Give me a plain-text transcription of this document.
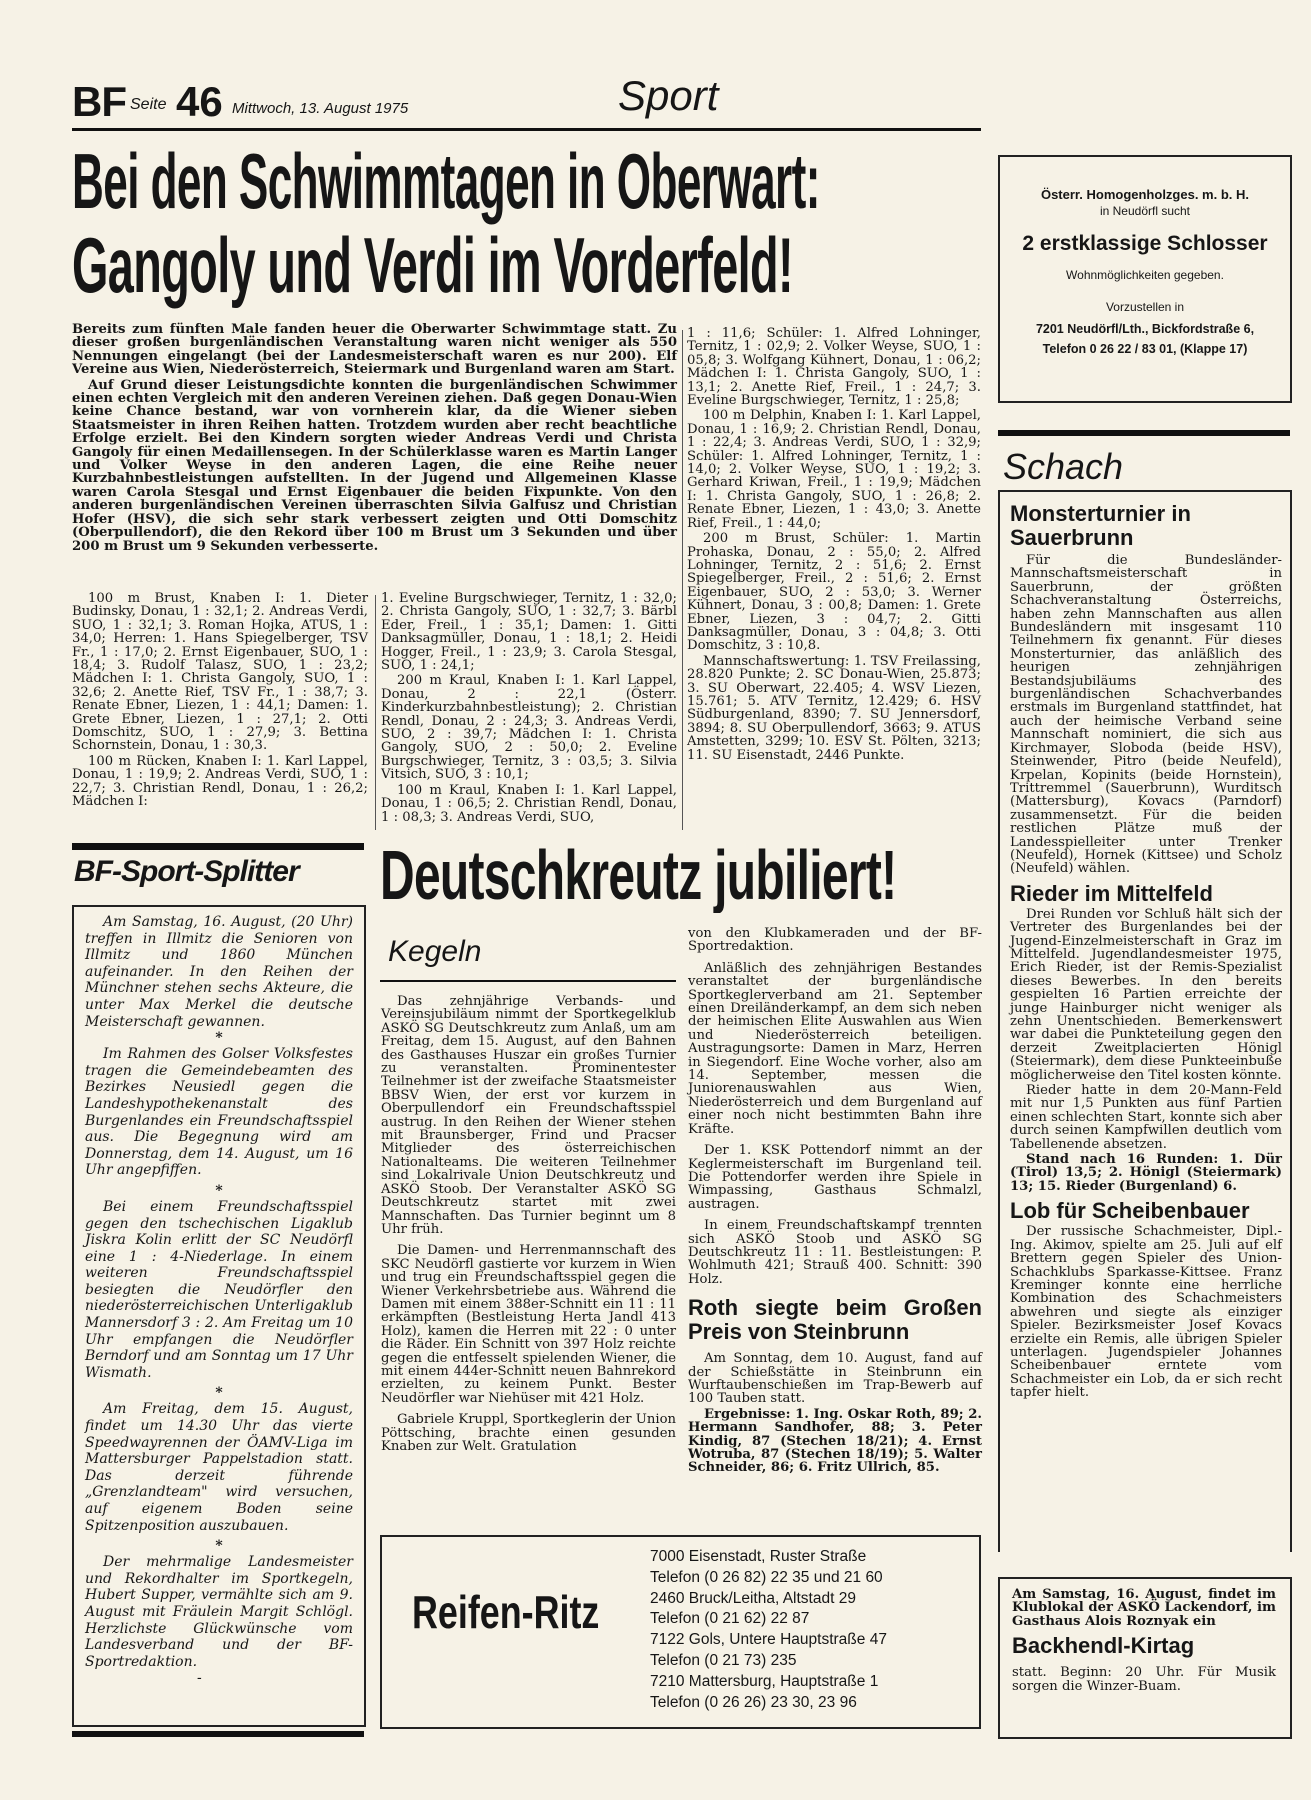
BF Seite 46 Mittwoch, 13. August 1975	Sport
Bei den Schwimmtagen in Oberwart:
Gangoly und Verdi im Vorderfeld!

Bereits zum fünften Male fanden heuer die Oberwarter Schwimmtage statt. Zu dieser großen burgenländischen Veranstaltung waren nicht weniger als 550 Nennungen eingelangt (bei der Landesmeisterschaft waren es nur 200). Elf Vereine aus Wien, Niederösterreich, Steiermark und Burgenland waren am Start.

Auf Grund dieser Leistungsdichte konnten die burgenländischen Schwimmer einen echten Vergleich mit den anderen Vereinen ziehen. Daß gegen Donau-Wien keine Chance bestand, war von vornherein klar, da die Wiener sieben Staatsmeister in ihren Reihen hatten. Trotzdem wurden aber recht beachtliche Erfolge erzielt. Bei den Kindern sorgten wieder Andreas Verdi und Christa Gangoly für einen Medaillensegen. In der Schülerklasse waren es Martin Langer und Volker Weyse in den anderen Lagen, die eine Reihe neuer Kurzbahnbestleistungen aufstellten. In der Jugend und Allgemeinen Klasse waren Carola Stesgal und Ernst Eigenbauer die beiden Fixpunkte. Von den anderen burgenländischen Vereinen überraschten Silvia Galfusz und Christian Hofer (HSV), die sich sehr stark verbessert zeigten und Otti Domschitz (Oberpullendorf), die den Rekord über 100 m Brust um 3 Sekunden und über 200 m Brust um 9 Sekunden verbesserte.

100 m Brust, Knaben I: 1. Dieter Budinsky, Donau, 1 : 32,1; 2. Andreas Verdi, SUO, 1 : 32,1; 3. Roman Hojka, ATUS, 1 : 34,0; Herren: 1. Hans Spiegelberger, TSV Fr., 1 : 17,0; 2. Ernst Eigenbauer, SUO, 1 : 18,4; 3. Rudolf Talasz, SUO, 1 : 23,2; Mädchen I: 1. Christa Gangoly, SUO, 1 : 32,6; 2. Anette Rief, TSV Fr., 1 : 38,7; 3. Renate Ebner, Liezen, 1 : 44,1; Damen: 1. Grete Ebner, Liezen, 1 : 27,1; 2. Otti Domschitz, SUO, 1 : 27,9; 3. Bettina Schornstein, Donau, 1 : 30,3.

100 m Rücken, Knaben I: 1. Karl Lappel, Donau, 1 : 19,9; 2. Andreas Verdi, SUO, 1 : 22,7; 3. Christian Rendl, Donau, 1 : 26,2; Mädchen I:

1. Eveline Burgschwieger, Ternitz, 1 : 32,0; 2. Christa Gangoly, SUO, 1 : 32,7; 3. Bärbl Eder, Freil., 1 : 35,1; Damen: 1. Gitti Danksagmüller, Donau, 1 : 18,1; 2. Heidi Hogger, Freil., 1 : 23,9; 3. Carola Stesgal, SUO, 1 : 24,1;

200 m Kraul, Knaben I: 1. Karl Lappel, Donau, 2 : 22,1 (Österr. Kinderkurzbahnbestleistung); 2. Christian Rendl, Donau, 2 : 24,3; 3. Andreas Verdi, SUO, 2 : 39,7; Mädchen I: 1. Christa Gangoly, SUO, 2 : 50,0; 2. Eveline Burgschwieger, Ternitz, 3 : 03,5; 3. Silvia Vitsich, SUO, 3 : 10,1;

100 m Kraul, Knaben I: 1. Karl Lappel, Donau, 1 : 06,5; 2. Christian Rendl, Donau, 1 : 08,3; 3. Andreas Verdi, SUO,

1 : 11,6; Schüler: 1. Alfred Lohninger, Ternitz, 1 : 02,9; 2. Volker Weyse, SUO, 1 : 05,8; 3. Wolfgang Kühnert, Donau, 1 : 06,2; Mädchen I: 1. Christa Gangoly, SUO, 1 : 13,1; 2. Anette Rief, Freil., 1 : 24,7; 3. Eveline Burgschwieger, Ternitz, 1 : 25,8;

100 m Delphin, Knaben I: 1. Karl Lappel, Donau, 1 : 16,9; 2. Christian Rendl, Donau, 1 : 22,4; 3. Andreas Verdi, SUO, 1 : 32,9; Schüler: 1. Alfred Lohninger, Ternitz, 1 : 14,0; 2. Volker Weyse, SUO, 1 : 19,2; 3. Gerhard Kriwan, Freil., 1 : 19,9; Mädchen I: 1. Christa Gangoly, SUO, 1 : 26,8; 2. Renate Ebner, Liezen, 1 : 43,0; 3. Anette Rief, Freil., 1 : 44,0;

200 m Brust, Schüler: 1. Martin Prohaska, Donau, 2 : 55,0; 2. Alfred Lohninger, Ternitz, 2 : 51,6; 2. Ernst Spiegelberger, Freil., 2 : 51,6; 2. Ernst Eigenbauer, SUO, 2 : 53,0; 3. Werner Kühnert, Donau, 3 : 00,8; Damen: 1. Grete Ebner, Liezen, 3 : 04,7; 2. Gitti Danksagmüller, Donau, 3 : 04,8; 3. Otti Domschitz, 3 : 10,8.

Mannschaftswertung: 1. TSV Freilassing, 28.820 Punkte; 2. SC Donau-Wien, 25.873; 3. SU Oberwart, 22.405; 4. WSV Liezen, 15.761; 5. ATV Ternitz, 12.429; 6. HSV Südburgenland, 8390; 7. SU Jennersdorf, 3894; 8. SU Oberpullendorf, 3663; 9. ATUS Amstetten, 3299; 10. ESV St. Pölten, 3213; 11. SU Eisenstadt, 2446 Punkte.

Österr. Homogenholzges. m. b. H.
in Neudörfl sucht
2 erstklassige Schlosser
Wohnmöglichkeiten gegeben.
Vorzustellen in
7201 Neudörfl/Lth., Bickfordstraße 6,
Telefon 0 26 22 / 83 01, (Klappe 17)
Schach
Monsterturnier in Sauerbrunn

Für die Bundesländer-Mannschaftsmeisterschaft in Sauerbrunn, der größten Schachveranstaltung Österreichs, haben zehn Mannschaften aus allen Bundesländern mit insgesamt 110 Teilnehmern fix genannt. Für dieses Monsterturnier, das anläßlich des heurigen zehnjährigen Bestandsjubiläums des burgenländischen Schachverbandes erstmals im Burgenland stattfindet, hat auch der heimische Verband seine Mannschaft nominiert, die sich aus Kirchmayer, Sloboda (beide HSV), Steinwender, Pitro (beide Neufeld), Krpelan, Kopinits (beide Hornstein), Trittremmel (Sauerbrunn), Wurditsch (Mattersburg), Kovacs (Parndorf) zusammensetzt. Für die beiden restlichen Plätze muß der Landesspielleiter unter Trenker (Neufeld), Hornek (Kittsee) und Scholz (Neufeld) wählen.

Rieder im Mittelfeld

Drei Runden vor Schluß hält sich der Vertreter des Burgenlandes bei der Jugend-Einzelmeisterschaft in Graz im Mittelfeld. Jugendlandesmeister 1975, Erich Rieder, ist der Remis-Spezialist dieses Bewerbes. In den bereits gespielten 16 Partien erreichte der junge Hainburger nicht weniger als zehn Unentschieden. Bemerkenswert war dabei die Punkteteilung gegen den derzeit Zweitplacierten Hönigl (Steiermark), dem diese Punkteeinbuße möglicherweise den Titel kosten könnte.

Rieder hatte in dem 20-Mann-Feld mit nur 1,5 Punkten aus fünf Partien einen schlechten Start, konnte sich aber durch seinen Kampfwillen deutlich vom Tabellenende absetzen.

Stand nach 16 Runden: 1. Dür (Tirol) 13,5; 2. Hönigl (Steiermark) 13; 15. Rieder (Burgenland) 6.

Lob für Scheibenbauer

Der russische Schachmeister, Dipl.-Ing. Akimov, spielte am 25. Juli auf elf Brettern gegen Spieler des Union-Schachklubs Sparkasse-Kittsee. Franz Kreminger konnte eine herrliche Kombination des Schachmeisters abwehren und siegte als einziger Spieler. Bezirksmeister Josef Kovacs erzielte ein Remis, alle übrigen Spieler unterlagen. Jugendspieler Johannes Scheibenbauer erntete vom Schachmeister ein Lob, da er sich recht tapfer hielt.

Am Samstag, 16. August, findet im Klublokal der ASKÖ Lackendorf, im Gasthaus Alois Roznyak ein
Backhendl-Kirtag
statt. Beginn: 20 Uhr. Für Musik sorgen die Winzer-Buam.
BF-Sport-Splitter

Am Samstag, 16. August, (20 Uhr) treffen in Illmitz die Senioren von Illmitz und 1860 München aufeinander. In den Reihen der Münchner stehen sechs Akteure, die unter Max Merkel die deutsche Meisterschaft gewannen.

*

Im Rahmen des Golser Volksfestes tragen die Gemeindebeamten des Bezirkes Neusiedl gegen die Landeshypothekenanstalt des Burgenlandes ein Freundschaftsspiel aus. Die Begegnung wird am Donnerstag, dem 14. August, um 16 Uhr angepfiffen.

*

Bei einem Freundschaftsspiel gegen den tschechischen Ligaklub Jiskra Kolin erlitt der SC Neudörfl eine 1 : 4-Niederlage. In einem weiteren Freundschaftsspiel besiegten die Neudörfler den niederösterreichischen Unterligaklub Mannersdorf 3 : 2. Am Freitag um 10 Uhr empfangen die Neudörfler Berndorf und am Sonntag um 17 Uhr Wismath.

*

Am Freitag, dem 15. August, findet um 14.30 Uhr das vierte Speedwayrennen der ÖAMV-Liga im Mattersburger Pappelstadion statt. Das derzeit führende „Grenzlandteam" wird versuchen, auf eigenem Boden seine Spitzenposition auszubauen.

*

Der mehrmalige Landesmeister und Rekordhalter im Sportkegeln, Hubert Supper, vermählte sich am 9. August mit Fräulein Margit Schlögl. Herzlichste Glückwünsche vom Landesverband und der BF-Sportredaktion.

-
Deutschkreutz jubiliert!
Kegeln

Das zehnjährige Verbands- und Vereinsjubiläum nimmt der Sportkegelklub ASKÖ SG Deutschkreutz zum Anlaß, um am Freitag, dem 15. August, auf den Bahnen des Gasthauses Huszar ein großes Turnier zu veranstalten. Prominentester Teilnehmer ist der zweifache Staatsmeister BBSV Wien, der erst vor kurzem in Oberpullendorf ein Freundschaftsspiel austrug. In den Reihen der Wiener stehen mit Braunsberger, Frind und Pracser Mitglieder des österreichischen Nationalteams. Die weiteren Teilnehmer sind Lokalrivale Union Deutschkreutz und ASKÖ Stoob. Der Veranstalter ASKÖ SG Deutschkreutz startet mit zwei Mannschaften. Das Turnier beginnt um 8 Uhr früh.

Die Damen- und Herrenmannschaft des SKC Neudörfl gastierte vor kurzem in Wien und trug ein Freundschaftsspiel gegen die Wiener Verkehrsbetriebe aus. Während die Damen mit einem 388er-Schnitt ein 11 : 11 erkämpften (Bestleistung Herta Jandl 413 Holz), kamen die Herren mit 22 : 0 unter die Räder. Ein Schnitt von 397 Holz reichte gegen die entfesselt spielenden Wiener, die mit einem 444er-Schnitt neuen Bahnrekord erzielten, zu keinem Punkt. Bester Neudörfler war Niehüser mit 421 Holz.

Gabriele Kruppl, Sportkeglerin der Union Pöttsching, brachte einen gesunden Knaben zur Welt. Gratulation

von den Klubkameraden und der BF-Sportredaktion.

Anläßlich des zehnjährigen Bestandes veranstaltet der burgenländische Sportkeglerverband am 21. September einen Dreiländerkampf, an dem sich neben der heimischen Elite Auswahlen aus Wien und Niederösterreich beteiligen. Austragungsorte: Damen in Marz, Herren in Siegendorf. Eine Woche vorher, also am 14. September, messen die Juniorenauswahlen aus Wien, Niederösterreich und dem Burgenland auf einer noch nicht bestimmten Bahn ihre Kräfte.

Der 1. KSK Pottendorf nimmt an der Keglermeisterschaft im Burgenland teil. Die Pottendorfer werden ihre Spiele in Wimpassing, Gasthaus Schmalzl, austragen.

In einem Freundschaftskampf trennten sich ASKÖ Stoob und ASKÖ SG Deutschkreutz 11 : 11. Bestleistungen: P. Wohlmuth 421; Strauß 400. Schnitt: 390 Holz.

Roth siegte beim Großen Preis von Steinbrunn

Am Sonntag, dem 10. August, fand auf der Schießstätte in Steinbrunn ein Wurftaubenschießen im Trap-Bewerb auf 100 Tauben statt.

Ergebnisse: 1. Ing. Oskar Roth, 89; 2. Hermann Sandhofer, 88; 3. Peter Kindig, 87 (Stechen 18/21); 4. Ernst Wotruba, 87 (Stechen 18/19); 5. Walter Schneider, 86; 6. Fritz Ullrich, 85.

Reifen-Ritz
7000 Eisenstadt, Ruster Straße
Telefon (0 26 82) 22 35 und 21 60
2460 Bruck/Leitha, Altstadt 29
Telefon (0 21 62) 22 87
7122 Gols, Untere Hauptstraße 47
Telefon (0 21 73) 235
7210 Mattersburg, Hauptstraße 1
Telefon (0 26 26) 23 30, 23 96
